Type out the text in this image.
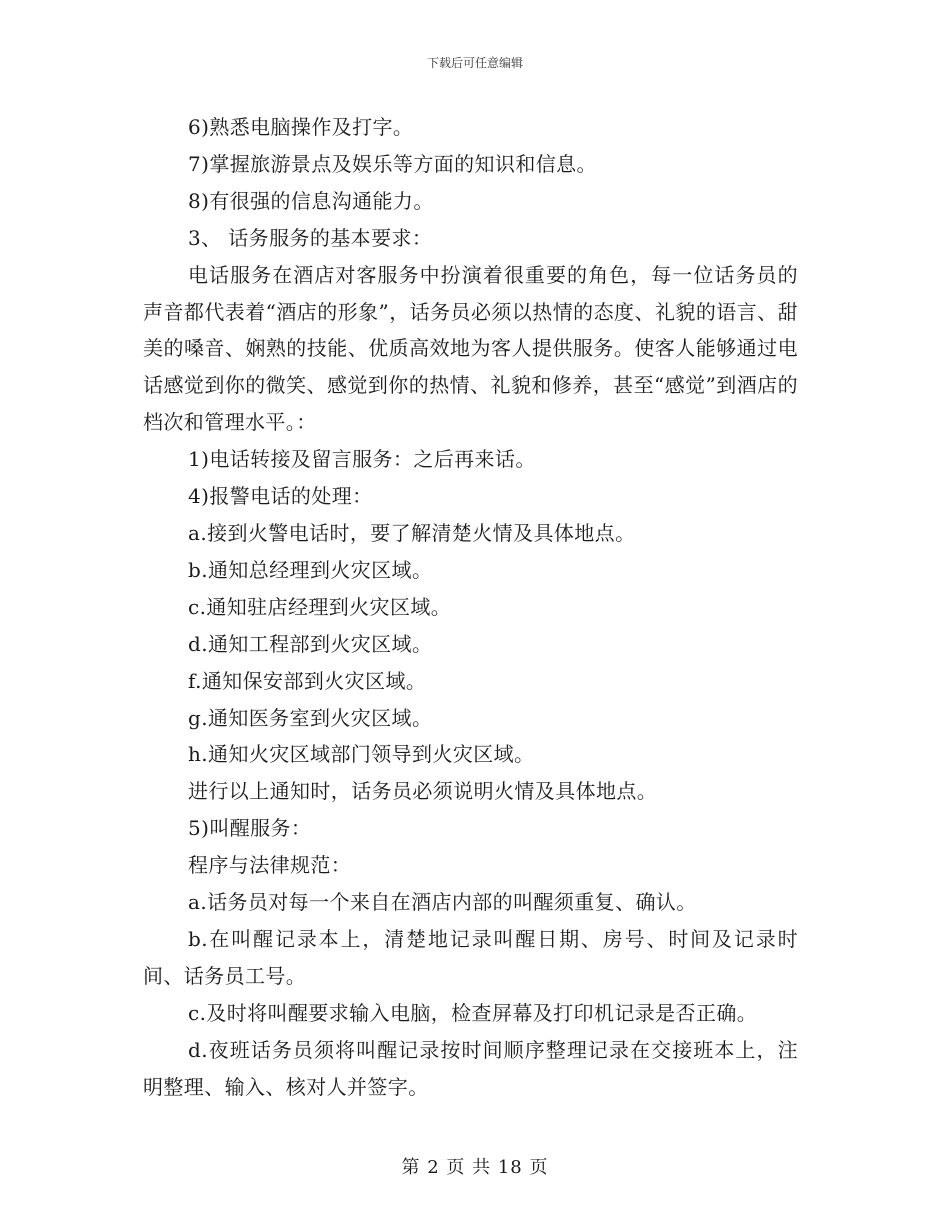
下载后可任意编辑

6)熟悉电脑操作及打字。

7)掌握旅游景点及娱乐等方面的知识和信息。

8)有很强的信息沟通能力。

3、 话务服务的基本要求：

电话服务在酒店对客服务中扮演着很重要的角色，每一位话务员的声音都代表着“酒店的形象”，话务员必须以热情的态度、礼貌的语言、甜美的嗓音、娴熟的技能、优质高效地为客人提供服务。使客人能够通过电话感觉到你的微笑、感觉到你的热情、礼貌和修养，甚至“感觉”到酒店的档次和管理水平。：

1)电话转接及留言服务：之后再来话。

4)报警电话的处理：

a.接到火警电话时，要了解清楚火情及具体地点。

b.通知总经理到火灾区域。

c.通知驻店经理到火灾区域。

d.通知工程部到火灾区域。

f.通知保安部到火灾区域。

g.通知医务室到火灾区域。

h.通知火灾区域部门领导到火灾区域。

进行以上通知时，话务员必须说明火情及具体地点。

5)叫醒服务：

程序与法律规范：

a.话务员对每一个来自在酒店内部的叫醒须重复、确认。

b.在叫醒记录本上，清楚地记录叫醒日期、房号、时间及记录时间、话务员工号。

c.及时将叫醒要求输入电脑，检查屏幕及打印机记录是否正确。

d.夜班话务员须将叫醒记录按时间顺序整理记录在交接班本上，注明整理、输入、核对人并签字。

第 2 页 共 18 页
